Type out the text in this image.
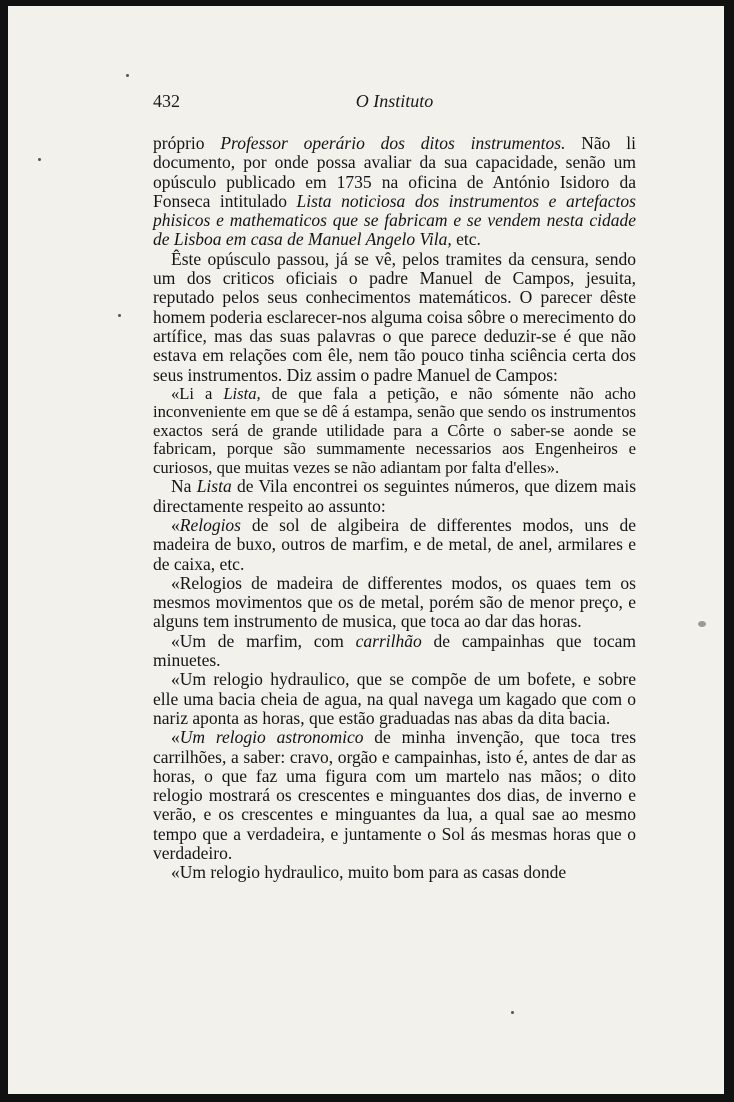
432	O Instituto

próprio Professor operário dos ditos instrumentos. Não li documento, por onde possa avaliar da sua capacidade, senão um opúsculo publicado em 1735 na oficina de António Isidoro da Fonseca intitulado Lista noticiosa dos instrumentos e artefactos phisicos e mathematicos que se fabricam e se vendem nesta cidade de Lisboa em casa de Manuel Angelo Vila, etc.

Êste opúsculo passou, já se vê, pelos tramites da censura, sendo um dos criticos oficiais o padre Manuel de Campos, jesuita, reputado pelos seus conhecimentos matemáticos. O parecer dêste homem poderia esclarecer-nos alguma coisa sôbre o merecimento do artífice, mas das suas palavras o que parece deduzir-se é que não estava em relações com êle, nem tão pouco tinha sciência certa dos seus instrumentos. Diz assim o padre Manuel de Campos:

«Li a Lista, de que fala a petição, e não sómente não acho inconveniente em que se dê á estampa, senão que sendo os instrumentos exactos será de grande utilidade para a Côrte o saber-se aonde se fabricam, porque são summamente necessarios aos Engenheiros e curiosos, que muitas vezes se não adiantam por falta d'elles».

Na Lista de Vila encontrei os seguintes números, que dizem mais directamente respeito ao assunto:

«Relogios de sol de algibeira de differentes modos, uns de madeira de buxo, outros de marfim, e de metal, de anel, armilares e de caixa, etc.

«Relogios de madeira de differentes modos, os quaes tem os mesmos movimentos que os de metal, porém são de menor preço, e alguns tem instrumento de musica, que toca ao dar das horas.

«Um de marfim, com carrilhão de campainhas que tocam minuetes.

«Um relogio hydraulico, que se compõe de um bofete, e sobre elle uma bacia cheia de agua, na qual navega um kagado que com o nariz aponta as horas, que estão graduadas nas abas da dita bacia.

«Um relogio astronomico de minha invenção, que toca tres carrilhões, a saber: cravo, orgão e campainhas, isto é, antes de dar as horas, o que faz uma figura com um martelo nas mãos; o dito relogio mostrará os crescentes e minguantes dos dias, de inverno e verão, e os crescentes e minguantes da lua, a qual sae ao mesmo tempo que a verdadeira, e juntamente o Sol ás mesmas horas que o verdadeiro.

«Um relogio hydraulico, muito bom para as casas donde
